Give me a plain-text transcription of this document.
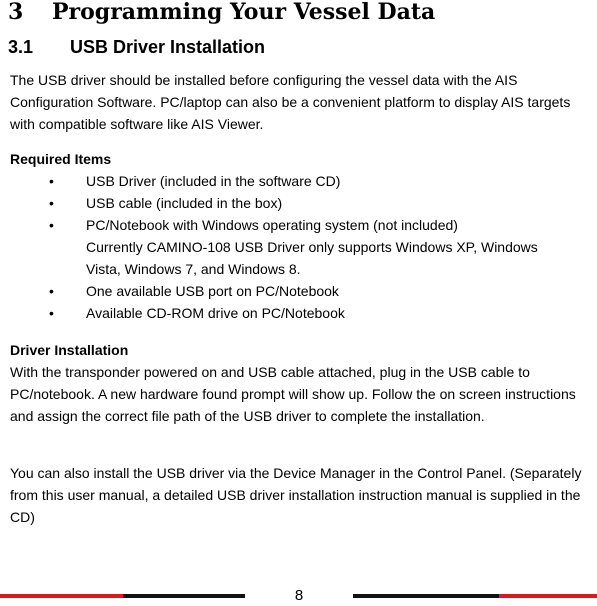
3 Programming Your Vessel Data
3.1 USB Driver Installation

The USB driver should be installed before configuring the vessel data with the AIS Configuration Software. PC/laptop can also be a convenient platform to display AIS targets with compatible software like AIS Viewer.

Required Items
• USB Driver (included in the software CD)
• USB cable (included in the box)
• PC/Notebook with Windows operating system (not included)
Currently CAMINO-108 USB Driver only supports Windows XP, Windows Vista, Windows 7, and Windows 8.
• One available USB port on PC/Notebook
• Available CD-ROM drive on PC/Notebook
Driver Installation

With the transponder powered on and USB cable attached, plug in the USB cable to PC/notebook. A new hardware found prompt will show up. Follow the on screen instructions and assign the correct file path of the USB driver to complete the installation.

You can also install the USB driver via the Device Manager in the Control Panel. (Separately from this user manual, a detailed USB driver installation instruction manual is supplied in the CD)

8
